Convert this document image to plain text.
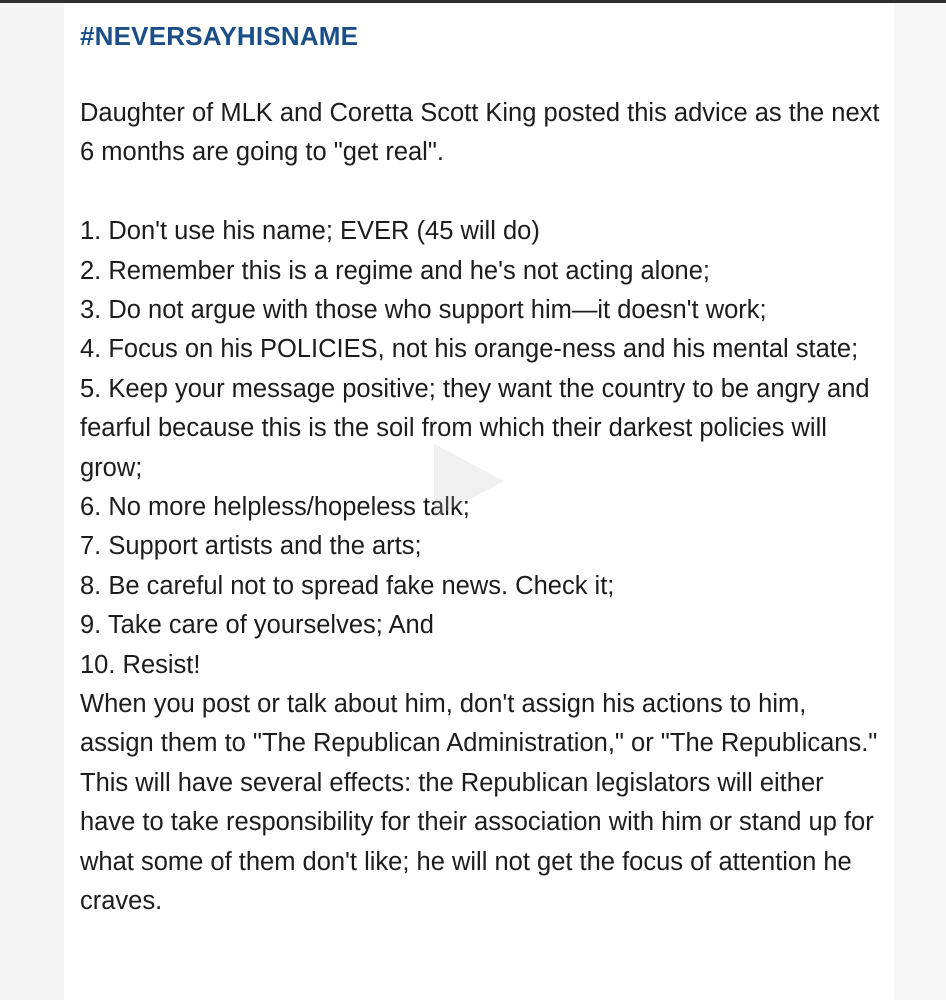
#NEVERSAYHISNAME

Daughter of MLK and Coretta Scott King posted this advice as the next 6 months are going to "get real".

1. Don't use his name; EVER (45 will do)
2. Remember this is a regime and he's not acting alone;
3. Do not argue with those who support him—it doesn't work;
4. Focus on his POLICIES, not his orange-ness and his mental state;
5. Keep your message positive; they want the country to be angry and fearful because this is the soil from which their darkest policies will grow;
6. No more helpless/hopeless talk;
7. Support artists and the arts;
8. Be careful not to spread fake news. Check it;
9. Take care of yourselves; And
10. Resist!

When you post or talk about him, don't assign his actions to him, assign them to "The Republican Administration," or "The Republicans." This will have several effects: the Republican legislators will either have to take responsibility for their association with him or stand up for what some of them don't like; he will not get the focus of attention he craves.
